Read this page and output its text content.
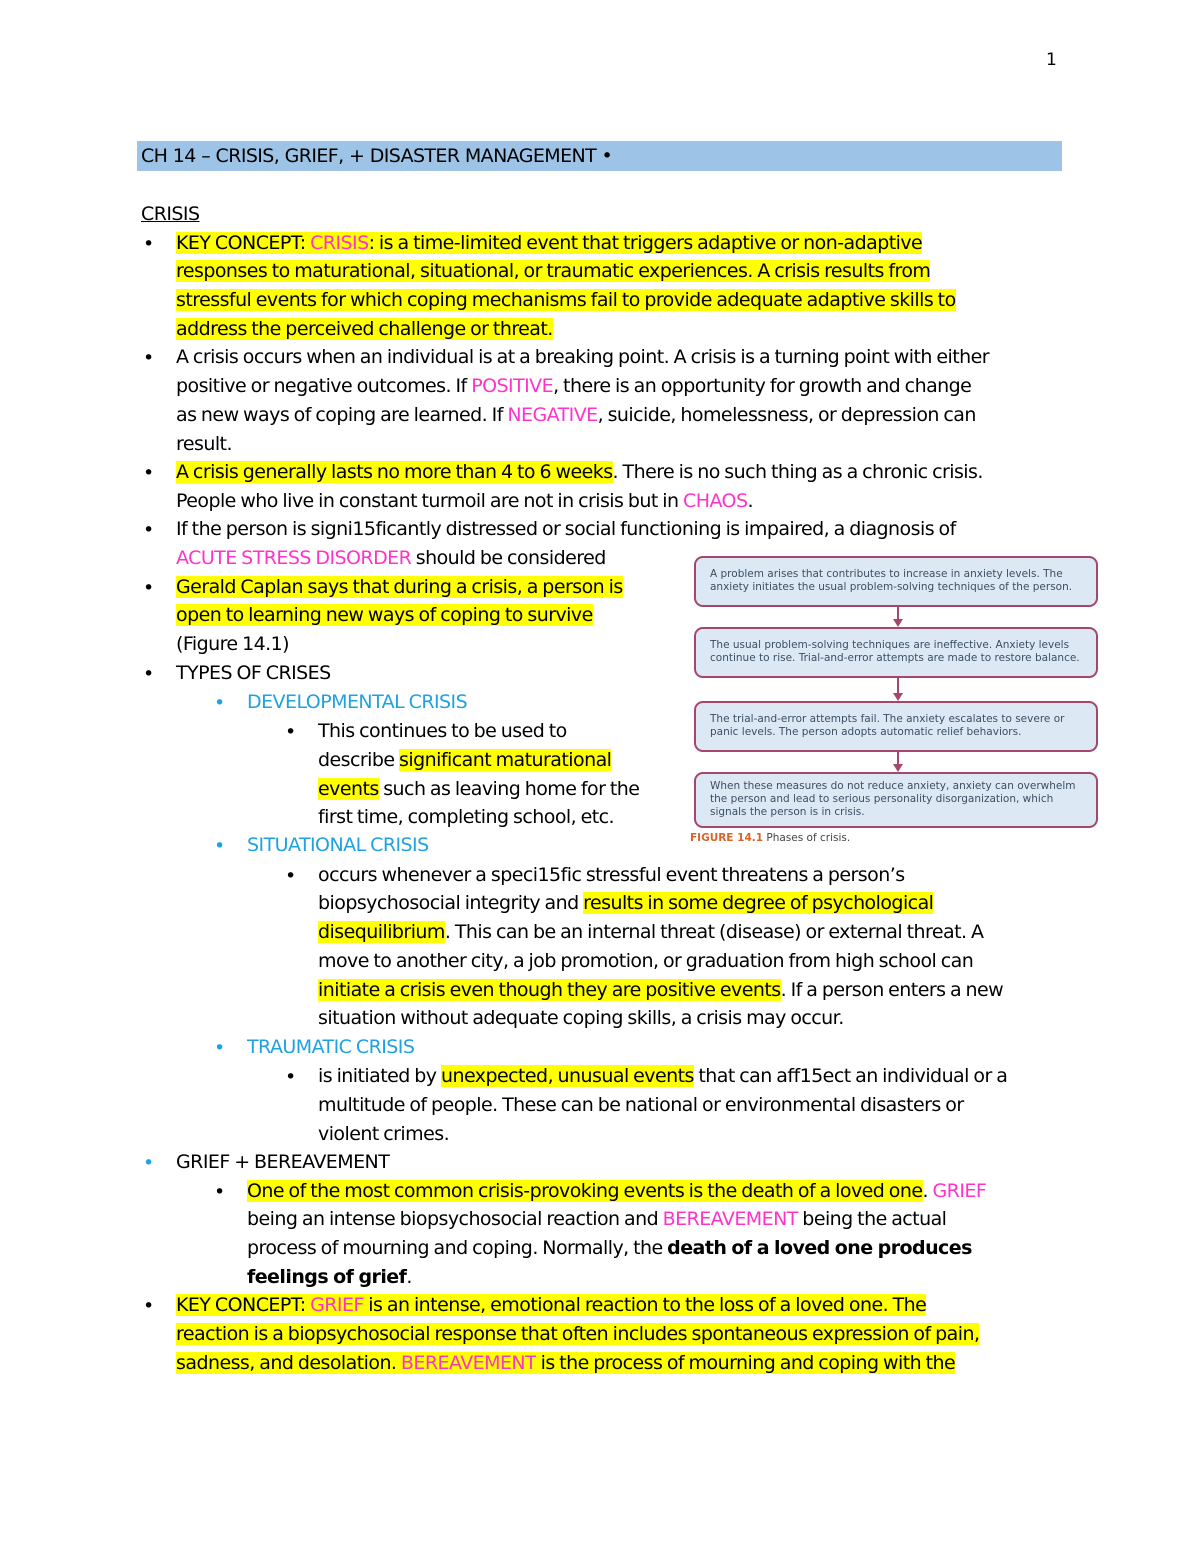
1
CH 14 – CRISIS, GRIEF, + DISASTER MANAGEMENT •
CRISIS
• KEY CONCEPT: CRISIS: is a time-limited event that triggers adaptive or non-adaptive
responses to maturational, situational, or traumatic experiences. A crisis results from
stressful events for which coping mechanisms fail to provide adequate adaptive skills to
address the perceived challenge or threat.
• A crisis occurs when an individual is at a breaking point. A crisis is a turning point with either
positive or negative outcomes. If POSITIVE, there is an opportunity for growth and change
as new ways of coping are learned. If NEGATIVE, suicide, homelessness, or depression can
result.
• A crisis generally lasts no more than 4 to 6 weeks. There is no such thing as a chronic crisis.
People who live in constant turmoil are not in crisis but in CHAOS.
• If the person is signi15ficantly distressed or social functioning is impaired, a diagnosis of
ACUTE STRESS DISORDER should be considered
• Gerald Caplan says that during a crisis, a person is
open to learning new ways of coping to survive
(Figure 14.1)
• TYPES OF CRISES
• DEVELOPMENTAL CRISIS
• This continues to be used to
describe significant maturational
events such as leaving home for the
first time, completing school, etc.
• SITUATIONAL CRISIS
• occurs whenever a speci15fic stressful event threatens a person’s
biopsychosocial integrity and results in some degree of psychological
disequilibrium. This can be an internal threat (disease) or external threat. A
move to another city, a job promotion, or graduation from high school can
initiate a crisis even though they are positive events. If a person enters a new
situation without adequate coping skills, a crisis may occur.
• TRAUMATIC CRISIS
• is initiated by unexpected, unusual events that can aff15ect an individual or a
multitude of people. These can be national or environmental disasters or
violent crimes.
• GRIEF + BEREAVEMENT
• One of the most common crisis-provoking events is the death of a loved one. GRIEF
being an intense biopsychosocial reaction and BEREAVEMENT being the actual
process of mourning and coping. Normally, the death of a loved one produces
feelings of grief.
• KEY CONCEPT: GRIEF is an intense, emotional reaction to the loss of a loved one. The
reaction is a biopsychosocial response that often includes spontaneous expression of pain,
sadness, and desolation. BEREAVEMENT is the process of mourning and coping with the
A problem arises that contributes to increase in anxiety levels. The anxiety initiates the usual problem-solving techniques of the person.
The usual problem-solving techniques are ineffective. Anxiety levels continue to rise. Trial-and-error attempts are made to restore balance.
The trial-and-error attempts fail. The anxiety escalates to severe or panic levels. The person adopts automatic relief behaviors.
When these measures do not reduce anxiety, anxiety can overwhelm the person and lead to serious personality disorganization, which signals the person is in crisis.
FIGURE 14.1 Phases of crisis.
